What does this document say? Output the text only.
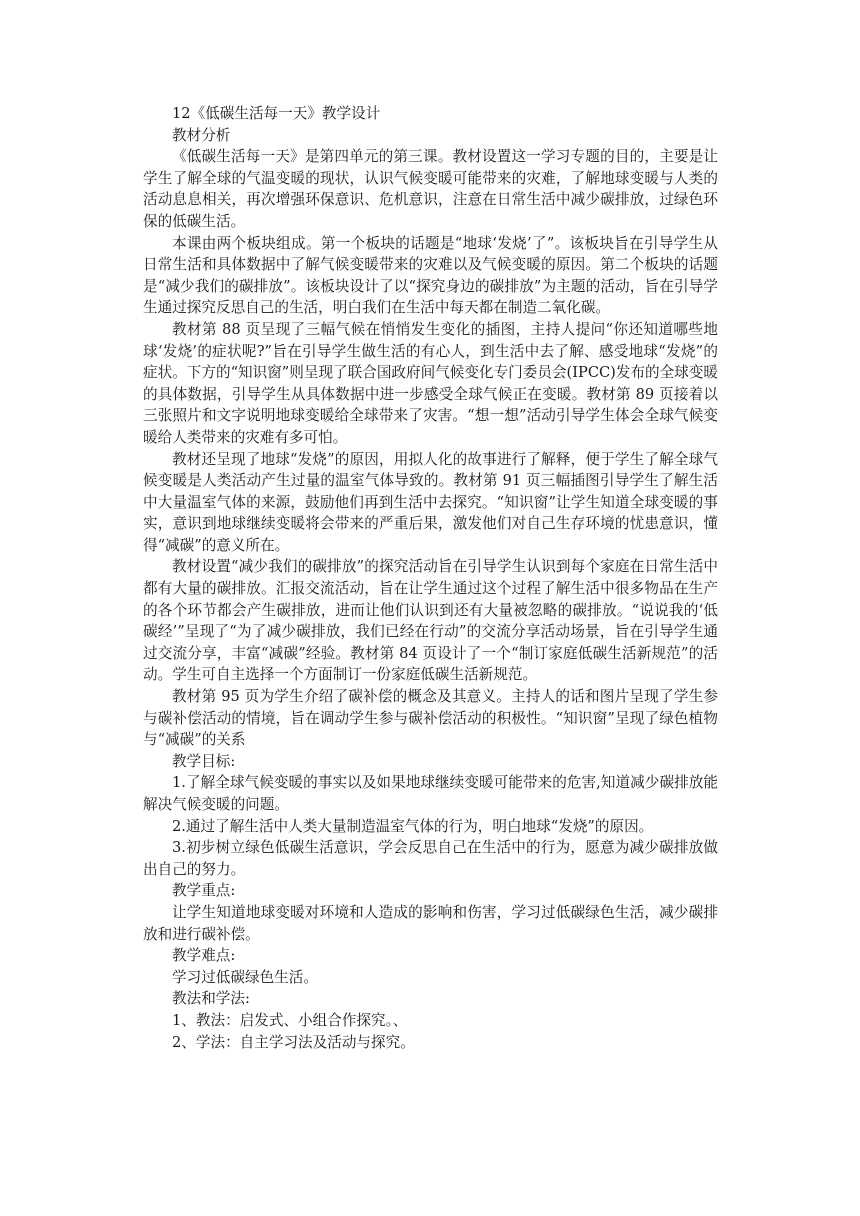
12《低碳生活每一天》教学设计

教材分析

《低碳生活每一天》是第四单元的第三课。教材设置这一学习专题的目的，主要是让学生了解全球的气温变暖的现状，认识气候变暖可能带来的灾难，了解地球变暖与人类的活动息息相关，再次增强环保意识、危机意识，注意在日常生活中减少碳排放，过绿色环保的低碳生活。

本课由两个板块组成。第一个板块的话题是“地球‘发烧’了”。该板块旨在引导学生从日常生活和具体数据中了解气候变暖带来的灾难以及气候变暖的原因。第二个板块的话题是“减少我们的碳排放”。该板块设计了以“探究身边的碳排放”为主题的活动，旨在引导学生通过探究反思自己的生活，明白我们在生活中每天都在制造二氧化碳。

教材第 88 页呈现了三幅气候在悄悄发生变化的插图，主持人提问“你还知道哪些地球‘发烧’的症状呢?”旨在引导学生做生活的有心人，到生活中去了解、感受地球“发烧”的症状。下方的“知识窗”则呈现了联合国政府间气候变化专门委员会(IPCC)发布的全球变暖的具体数据，引导学生从具体数据中进一步感受全球气候正在变暖。教材第 89 页接着以三张照片和文字说明地球变暖给全球带来了灾害。“想一想”活动引导学生体会全球气候变暖给人类带来的灾难有多可怕。

教材还呈现了地球“发烧”的原因，用拟人化的故事进行了解释，便于学生了解全球气候变暖是人类活动产生过量的温室气体导致的。教材第 91 页三幅插图引导学生了解生活中大量温室气体的来源，鼓励他们再到生活中去探究。“知识窗”让学生知道全球变暖的事实，意识到地球继续变暖将会带来的严重后果，激发他们对自己生存环境的忧患意识，懂得“减碳”的意义所在。

教材设置“减少我们的碳排放”的探究活动旨在引导学生认识到每个家庭在日常生活中都有大量的碳排放。汇报交流活动，旨在让学生通过这个过程了解生活中很多物品在生产的各个环节都会产生碳排放，进而让他们认识到还有大量被忽略的碳排放。“说说我的‘低碳经’”呈现了“为了减少碳排放，我们已经在行动”的交流分享活动场景，旨在引导学生通过交流分享，丰富“减碳”经验。教材第 84 页设计了一个“制订家庭低碳生活新规范”的活动。学生可自主选择一个方面制订一份家庭低碳生活新规范。

教材第 95 页为学生介绍了碳补偿的概念及其意义。主持人的话和图片呈现了学生参与碳补偿活动的情境，旨在调动学生参与碳补偿活动的积极性。“知识窗”呈现了绿色植物与“减碳”的关系

教学目标:

1.了解全球气候变暖的事实以及如果地球继续变暖可能带来的危害,知道减少碳排放能解决气候变暖的问题。

2.通过了解生活中人类大量制造温室气体的行为，明白地球“发烧”的原因。

3.初步树立绿色低碳生活意识，学会反思自己在生活中的行为，愿意为减少碳排放做出自己的努力。

教学重点:

让学生知道地球变暖对环境和人造成的影响和伤害，学习过低碳绿色生活，减少碳排放和进行碳补偿。

教学难点:

学习过低碳绿色生活。

教法和学法:

1、教法：启发式、小组合作探究。、

2、学法：自主学习法及活动与探究。
